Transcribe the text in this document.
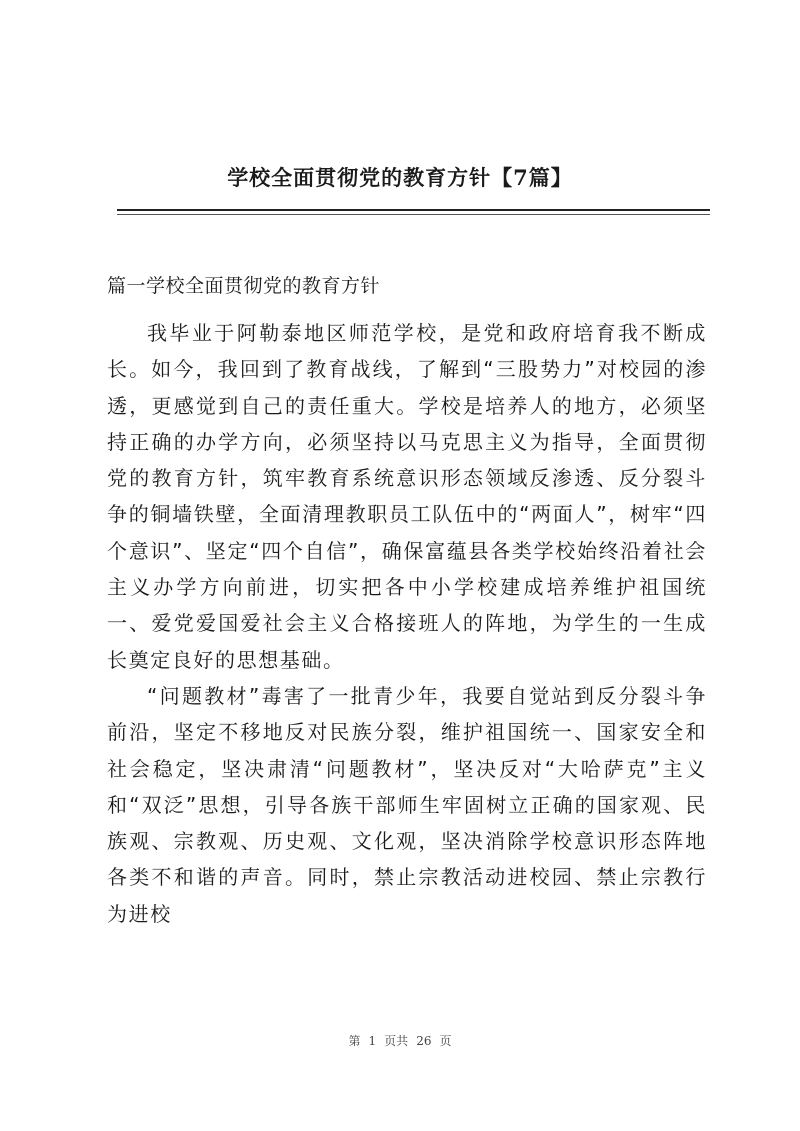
学校全面贯彻党的教育方针【7篇】
篇一学校全面贯彻党的教育方针

我毕业于阿勒泰地区师范学校，是党和政府培育我不断成长。如今，我回到了教育战线，了解到“三股势力”对校园的渗透，更感觉到自己的责任重大。学校是培养人的地方，必须坚持正确的办学方向，必须坚持以马克思主义为指导，全面贯彻党的教育方针，筑牢教育系统意识形态领域反渗透、反分裂斗争的铜墙铁壁，全面清理教职员工队伍中的“两面人”，树牢“四个意识”、坚定“四个自信”，确保富蕴县各类学校始终沿着社会主义办学方向前进，切实把各中小学校建成培养维护祖国统一、爱党爱国爱社会主义合格接班人的阵地，为学生的一生成长奠定良好的思想基础。

“问题教材”毒害了一批青少年，我要自觉站到反分裂斗争前沿，坚定不移地反对民族分裂，维护祖国统一、国家安全和社会稳定，坚决肃清“问题教材”，坚决反对“大哈萨克”主义和“双泛”思想，引导各族干部师生牢固树立正确的国家观、民族观、宗教观、历史观、文化观，坚决消除学校意识形态阵地各类不和谐的声音。同时，禁止宗教活动进校园、禁止宗教行为进校

第 1 页共 26 页
